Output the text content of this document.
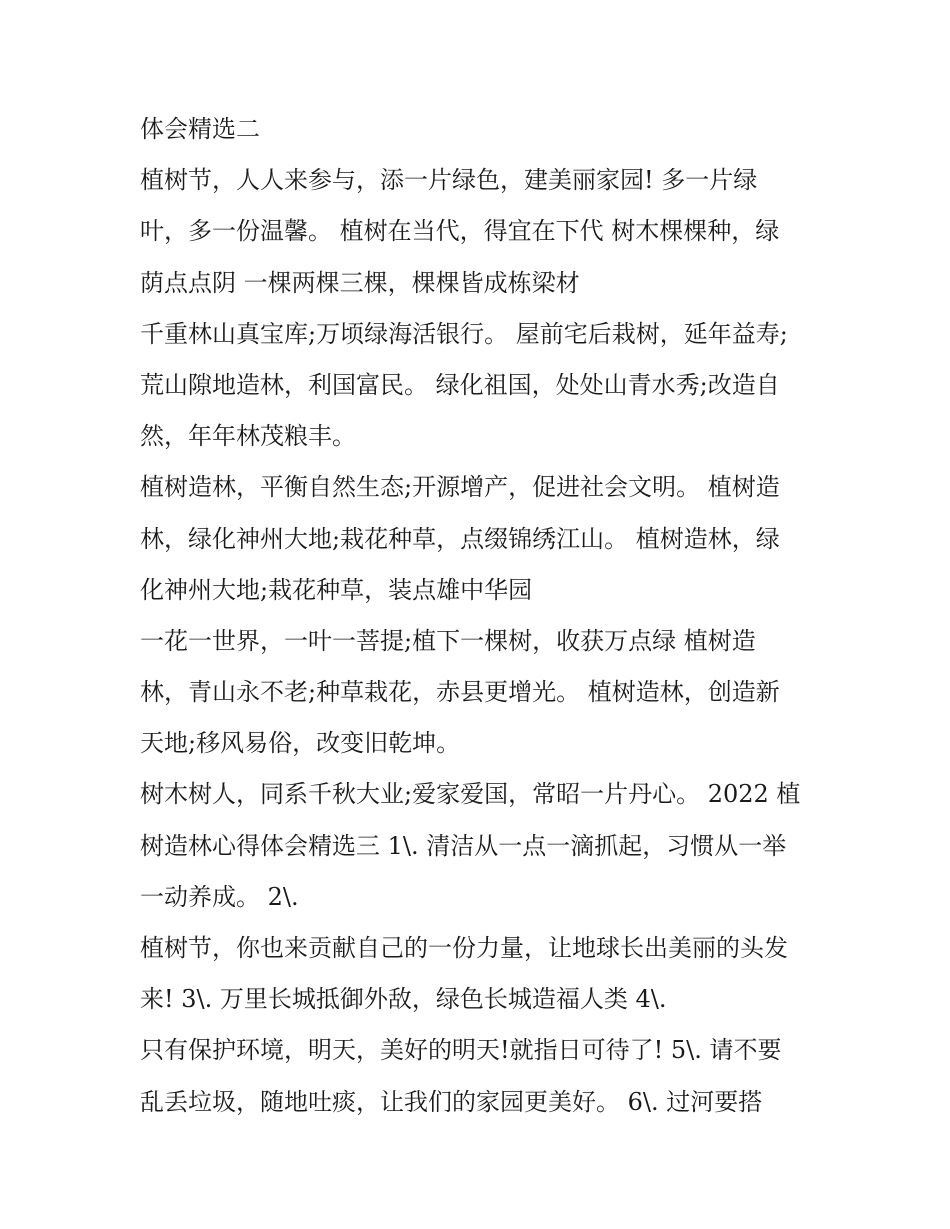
体会精选二
植树节，人人来参与，添一片绿色，建美丽家园! 多一片绿
叶，多一份温馨。 植树在当代，得宜在下代 树木棵棵种，绿
荫点点阴 一棵两棵三棵，棵棵皆成栋梁材
千重林山真宝库;万顷绿海活银行。 屋前宅后栽树，延年益寿;
荒山隙地造林，利国富民。 绿化祖国，处处山青水秀;改造自
然，年年林茂粮丰。
植树造林，平衡自然生态;开源增产，促进社会文明。 植树造
林，绿化神州大地;栽花种草，点缀锦绣江山。 植树造林，绿
化神州大地;栽花种草，装点雄中华园
一花一世界，一叶一菩提;植下一棵树，收获万点绿 植树造
林，青山永不老;种草栽花，赤县更增光。 植树造林，创造新
天地;移风易俗，改变旧乾坤。
树木树人，同系千秋大业;爱家爱国，常昭一片丹心。 2022 植
树造林心得体会精选三 1\. 清洁从一点一滴抓起，习惯从一举
一动养成。 2\.
植树节，你也来贡献自己的一份力量，让地球长出美丽的头发
来! 3\. 万里长城抵御外敌，绿色长城造福人类 4\.
只有保护环境，明天，美好的明天!就指日可待了! 5\. 请不要
乱丢垃圾，随地吐痰，让我们的家园更美好。 6\. 过河要搭
